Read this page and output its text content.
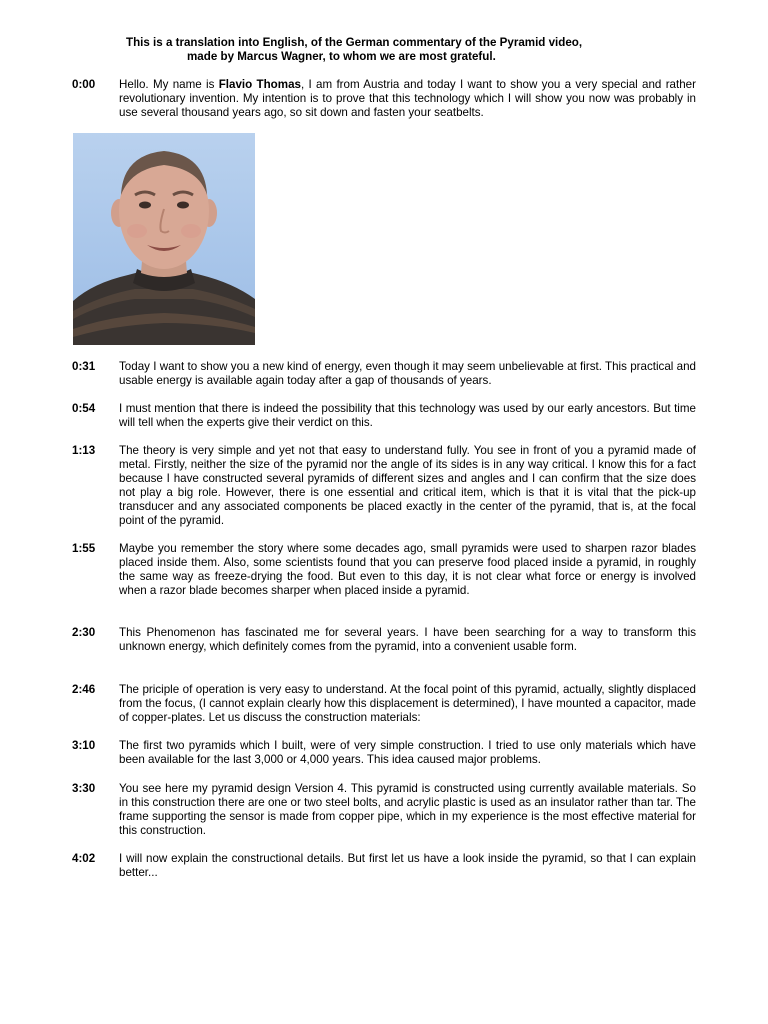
This is a translation into English, of the German commentary of the Pyramid video,
made by Marcus Wagner, to whom we are most grateful.
0:00 Hello. My name is Flavio Thomas, I am from Austria and today I want to show you a very special and rather revolutionary invention. My intention is to prove that this technology which I will show you now was probably in use several thousand years ago, so sit down and fasten your seatbelts.
0:31 Today I want to show you a new kind of energy, even though it may seem unbelievable at first. This practical and usable energy is available again today after a gap of thousands of years.
0:54 I must mention that there is indeed the possibility that this technology was used by our early ancestors. But time will tell when the experts give their verdict on this.
1:13 The theory is very simple and yet not that easy to understand fully. You see in front of you a pyramid made of metal. Firstly, neither the size of the pyramid nor the angle of its sides is in any way critical. I know this for a fact because I have constructed several pyramids of different sizes and angles and I can confirm that the size does not play a big role. However, there is one essential and critical item, which is that it is vital that the pick-up transducer and any associated components be placed exactly in the center of the pyramid, that is, at the focal point of the pyramid.
1:55 Maybe you remember the story where some decades ago, small pyramids were used to sharpen razor blades placed inside them. Also, some scientists found that you can preserve food placed inside a pyramid, in roughly the same way as freeze-drying the food. But even to this day, it is not clear what force or energy is involved when a razor blade becomes sharper when placed inside a pyramid.
2:30 This Phenomenon has fascinated me for several years. I have been searching for a way to transform this unknown energy, which definitely comes from the pyramid, into a convenient usable form.
2:46 The priciple of operation is very easy to understand. At the focal point of this pyramid, actually, slightly displaced from the focus, (I cannot explain clearly how this displacement is determined), I have mounted a capacitor, made of copper-plates. Let us discuss the construction materials:
3:10 The first two pyramids which I built, were of very simple construction. I tried to use only materials which have been available for the last 3,000 or 4,000 years. This idea caused major problems.
3:30 You see here my pyramid design Version 4. This pyramid is constructed using currently available materials. So in this construction there are one or two steel bolts, and acrylic plastic is used as an insulator rather than tar. The frame supporting the sensor is made from copper pipe, which in my experience is the most effective material for this construction.
4:02 I will now explain the constructional details. But first let us have a look inside the pyramid, so that I can explain better...
